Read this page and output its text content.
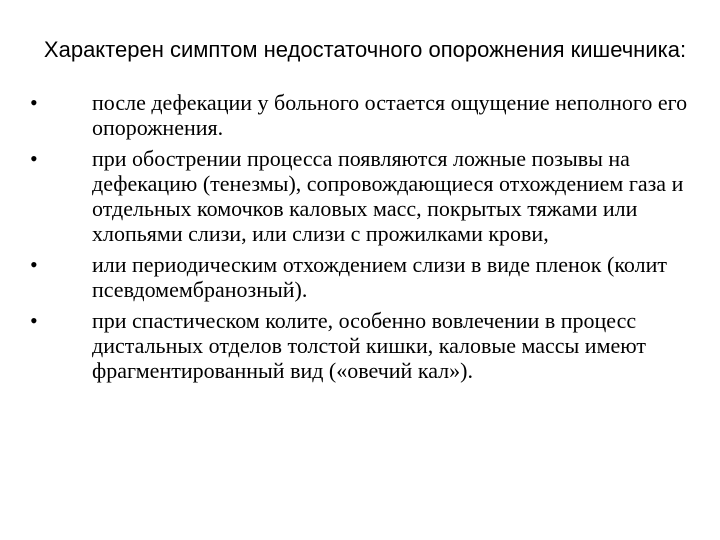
Характерен симптом недостаточного опорожнения кишечника:
•	после дефекации у больного остается ощущение неполного его опорожнения.
•	при обострении процесса появляются ложные позывы на дефекацию (тенезмы), сопровождающиеся отхождением газа и отдельных комочков каловых масс, покрытых тяжами или хлопьями слизи, или слизи с прожилками крови,
•	или периодическим отхождением слизи в виде пленок (колит псевдомембранозный).
•	при спастическом колите, особенно вовлечении в процесс дистальных отделов толстой кишки, каловые массы имеют фрагментированный вид («овечий кал»).
